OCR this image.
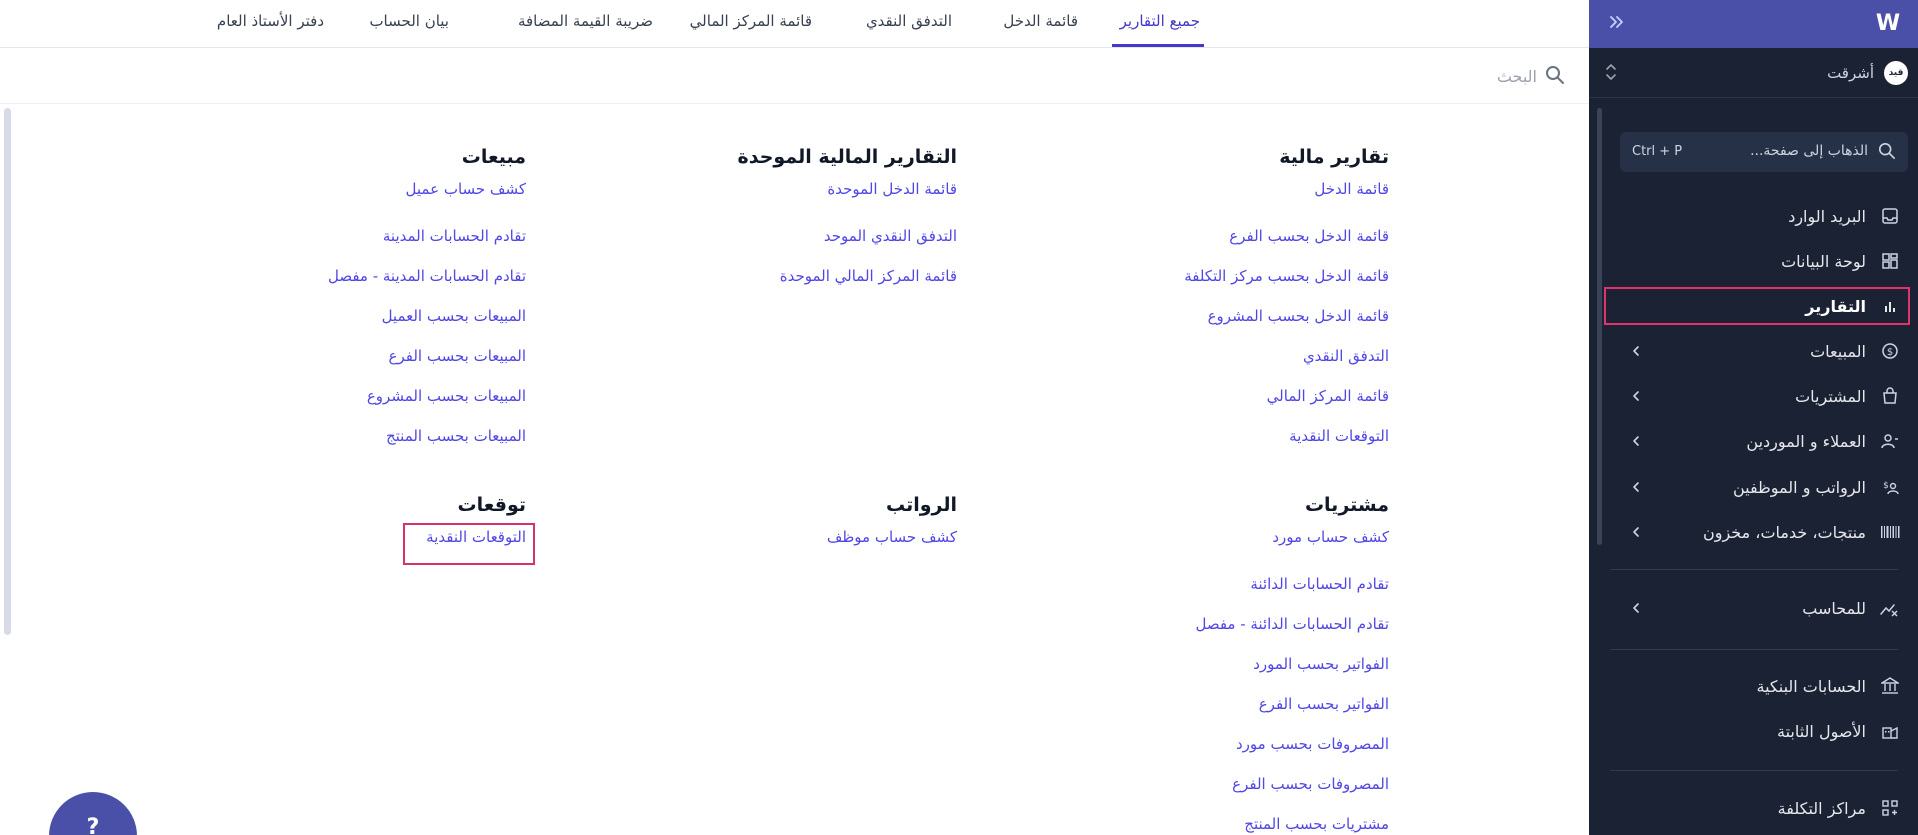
جميع التقارير
قائمة الدخل
التدفق النقدي
قائمة المركز المالي
ضريبة القيمة المضافة
بيان الحساب
دفتر الأستاذ العام
البحث
تقارير مالية
قائمة الدخل
قائمة الدخل بحسب الفرع
قائمة الدخل بحسب مركز التكلفة
قائمة الدخل بحسب المشروع
التدفق النقدي
قائمة المركز المالي
التوقعات النقدية
مشتريات
كشف حساب مورد
تقادم الحسابات الدائنة
تقادم الحسابات الدائنة - مفصل
الفواتير بحسب المورد
الفواتير بحسب الفرع
المصروفات بحسب مورد
المصروفات بحسب الفرع
مشتريات بحسب المنتج
التقارير المالية الموحدة
قائمة الدخل الموحدة
التدفق النقدي الموحد
قائمة المركز المالي الموحدة
الرواتب
كشف حساب موظف
مبيعات
كشف حساب عميل
تقادم الحسابات المدينة
تقادم الحسابات المدينة - مفصل
المبيعات بحسب العميل
المبيعات بحسب الفرع
المبيعات بحسب المشروع
المبيعات بحسب المنتج
توقعات
التوقعات النقدية
?
W
قيد
أشرقت
الذهاب إلى صفحة...
Ctrl + P
البريد الوارد
لوحة البيانات
التقارير
$
المبيعات
المشتريات
العملاء و الموردين
$
الرواتب و الموظفين
منتجات، خدمات، مخزون
للمحاسب
الحسابات البنكية
الأصول الثابتة
مراكز التكلفة
